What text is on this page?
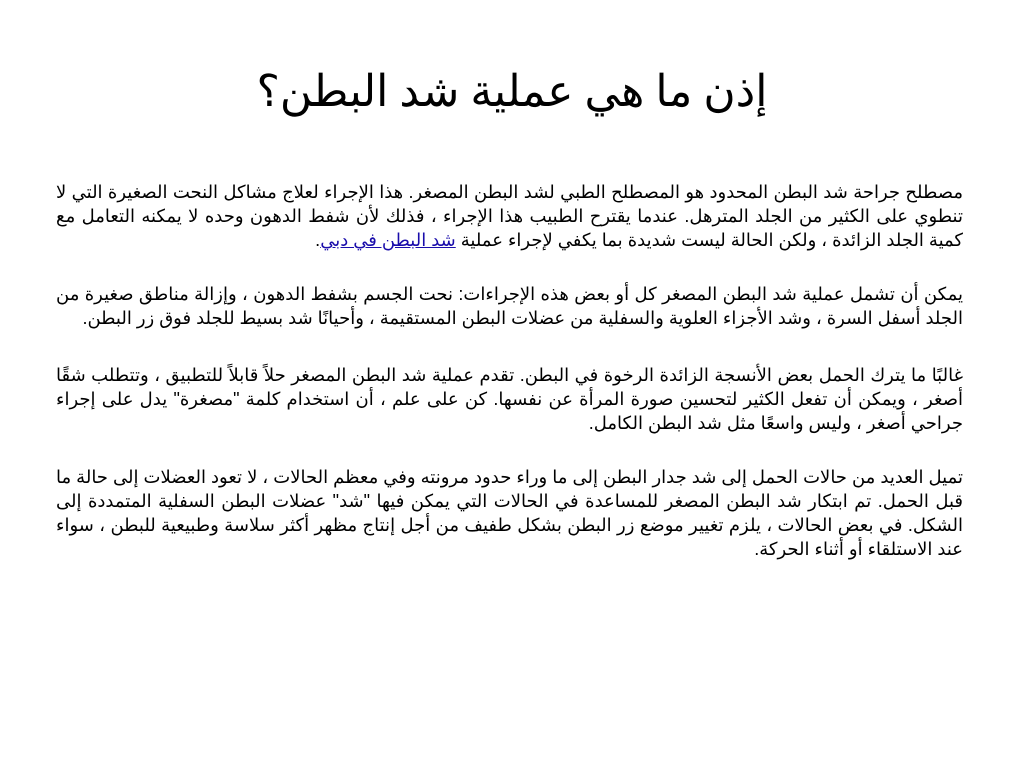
إذن ما هي عملية شد البطن؟

مصطلح جراحة شد البطن المحدود هو المصطلح الطبي لشد البطن المصغر. هذا الإجراء لعلاج مشاكل النحت الصغيرة التي لا تنطوي على الكثير من الجلد المترهل. عندما يقترح الطبيب هذا الإجراء ، فذلك لأن شفط الدهون وحده لا يمكنه التعامل مع كمية الجلد الزائدة ، ولكن الحالة ليست شديدة بما يكفي لإجراء عملية شد البطن في دبي.

يمكن أن تشمل عملية شد البطن المصغر كل أو بعض هذه الإجراءات: نحت الجسم بشفط الدهون ، وإزالة مناطق صغيرة من الجلد أسفل السرة ، وشد الأجزاء العلوية والسفلية من عضلات البطن المستقيمة ، وأحيانًا شد بسيط للجلد فوق زر البطن.

غالبًا ما يترك الحمل بعض الأنسجة الزائدة الرخوة في البطن. تقدم عملية شد البطن المصغر حلاً قابلاً للتطبيق ، وتتطلب شقًا أصغر ، ويمكن أن تفعل الكثير لتحسين صورة المرأة عن نفسها. كن على علم ، أن استخدام كلمة "مصغرة" يدل على إجراء جراحي أصغر ، وليس واسعًا مثل شد البطن الكامل.

تميل العديد من حالات الحمل إلى شد جدار البطن إلى ما وراء حدود مرونته وفي معظم الحالات ، لا تعود العضلات إلى حالة ما قبل الحمل. تم ابتكار شد البطن المصغر للمساعدة في الحالات التي يمكن فيها "شد" عضلات البطن السفلية المتمددة إلى الشكل. في بعض الحالات ، يلزم تغيير موضع زر البطن بشكل طفيف من أجل إنتاج مظهر أكثر سلاسة وطبيعية للبطن ، سواء عند الاستلقاء أو أثناء الحركة.
